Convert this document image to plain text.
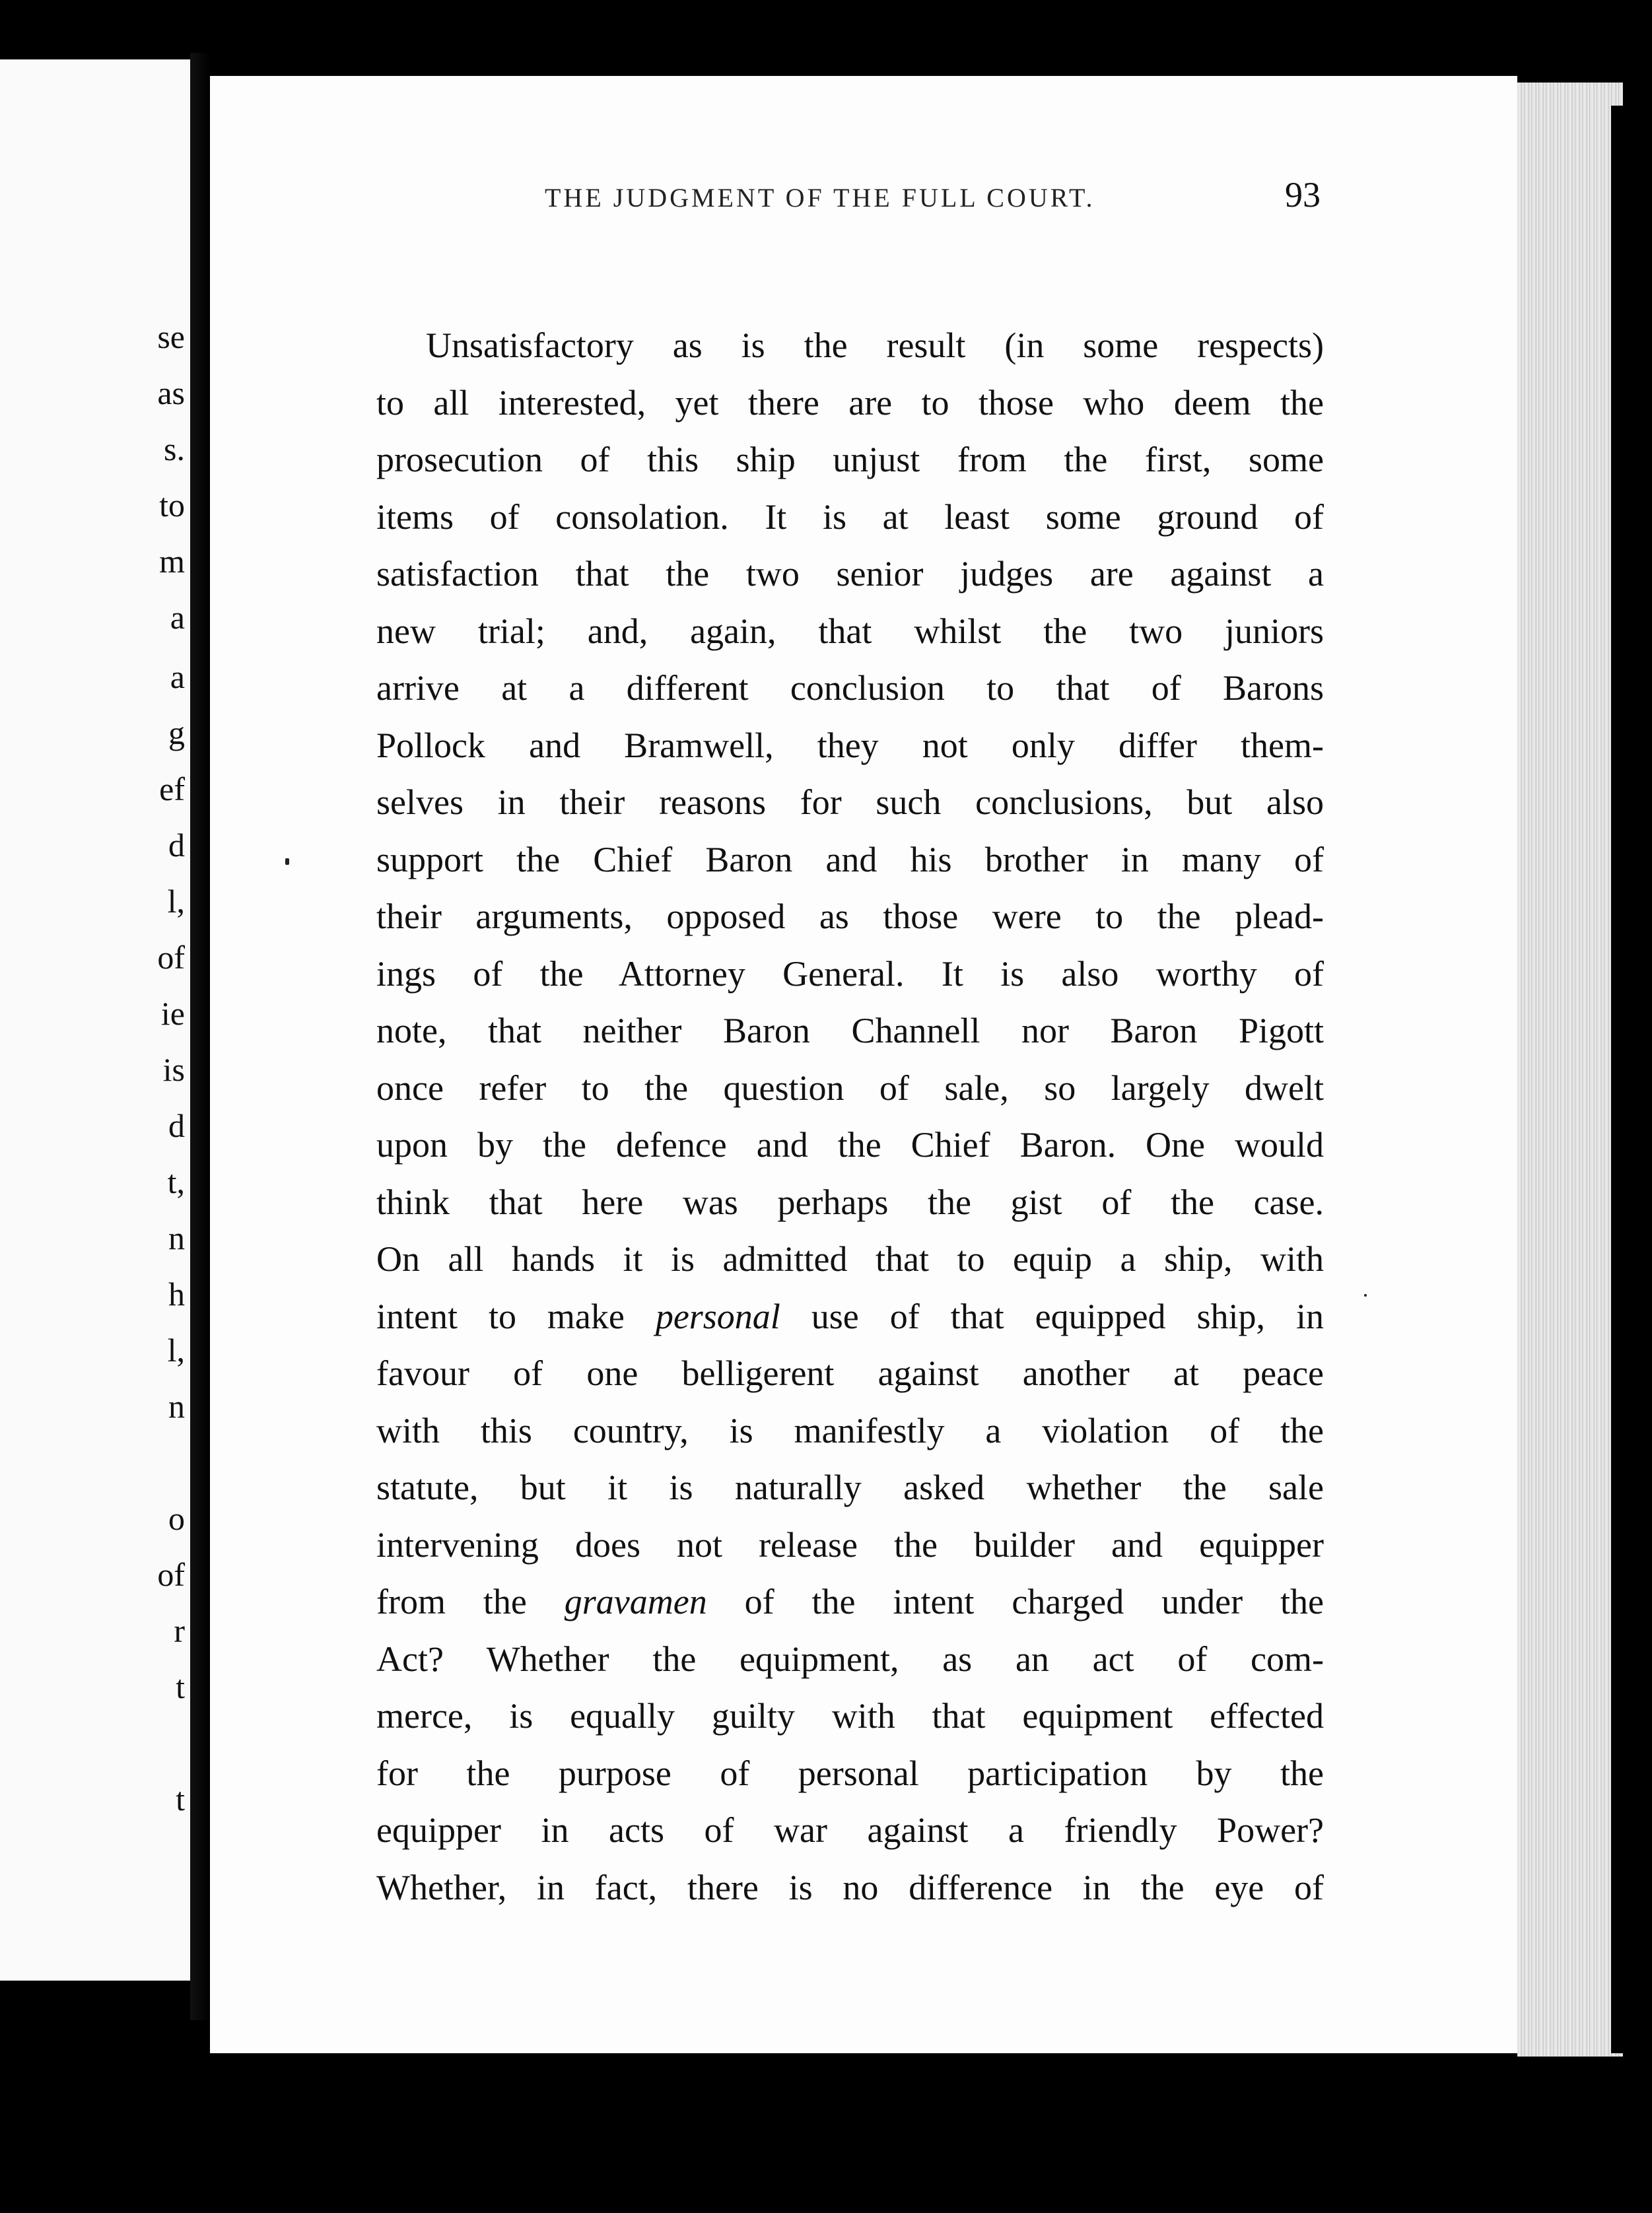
se
as
s.
to
m
a
a
g
ef
d
l,
of
ie
is
d
t,
n
h
l,
n
o
of
r
t
t
THE JUDGMENT OF THE FULL COURT.	93
Unsatisfactory as is the result (in some respects)
to all interested, yet there are to those who deem the
prosecution of this ship unjust from the first, some
items of consolation. It is at least some ground of
satisfaction that the two senior judges are against a
new trial; and, again, that whilst the two juniors
arrive at a different conclusion to that of Barons
Pollock and Bramwell, they not only differ them-
selves in their reasons for such conclusions, but also
support the Chief Baron and his brother in many of
their arguments, opposed as those were to the plead-
ings of the Attorney General. It is also worthy of
note, that neither Baron Channell nor Baron Pigott
once refer to the question of sale, so largely dwelt
upon by the defence and the Chief Baron. One would
think that here was perhaps the gist of the case.
On all hands it is admitted that to equip a ship, with
intent to make personal use of that equipped ship, in
favour of one belligerent against another at peace
with this country, is manifestly a violation of the
statute, but it is naturally asked whether the sale
intervening does not release the builder and equipper
from the gravamen of the intent charged under the
Act? Whether the equipment, as an act of com-
merce, is equally guilty with that equipment effected
for the purpose of personal participation by the
equipper in acts of war against a friendly Power?
Whether, in fact, there is no difference in the eye of
